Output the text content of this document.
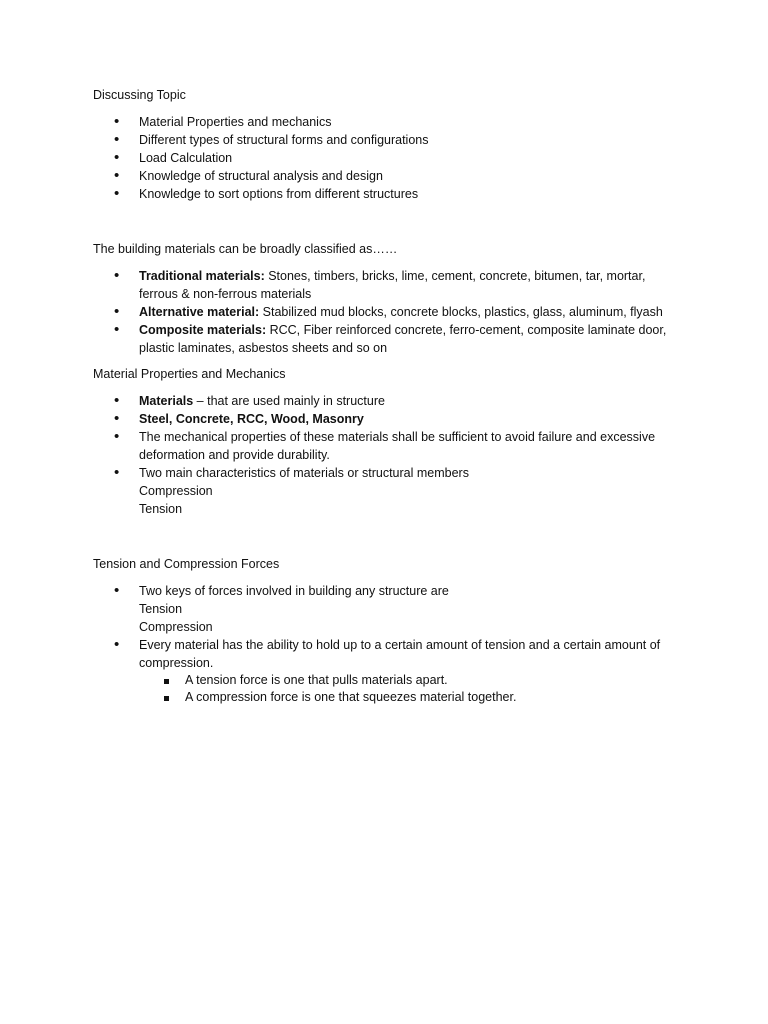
Discussing Topic

• Material Properties and mechanics
• Different types of structural forms and configurations
• Load Calculation
• Knowledge of structural analysis and design
• Knowledge to sort options from different structures

The building materials can be broadly classified as……

• Traditional materials: Stones, timbers, bricks, lime, cement, concrete, bitumen, tar, mortar, ferrous & non-ferrous materials
• Alternative material: Stabilized mud blocks, concrete blocks, plastics, glass, aluminum, flyash
• Composite materials: RCC, Fiber reinforced concrete, ferro-cement, composite laminate door, plastic laminates, asbestos sheets and so on

Material Properties and Mechanics

• Materials – that are used mainly in structure
• Steel, Concrete, RCC, Wood, Masonry
• The mechanical properties of these materials shall be sufficient to avoid failure and excessive deformation and provide durability.
• Two main characteristics of materials or structural members
Compression
Tension

Tension and Compression Forces

• Two keys of forces involved in building any structure are
Tension
Compression
• Every material has the ability to hold up to a certain amount of tension and a certain amount of compression.
A tension force is one that pulls materials apart.
A compression force is one that squeezes material together.
